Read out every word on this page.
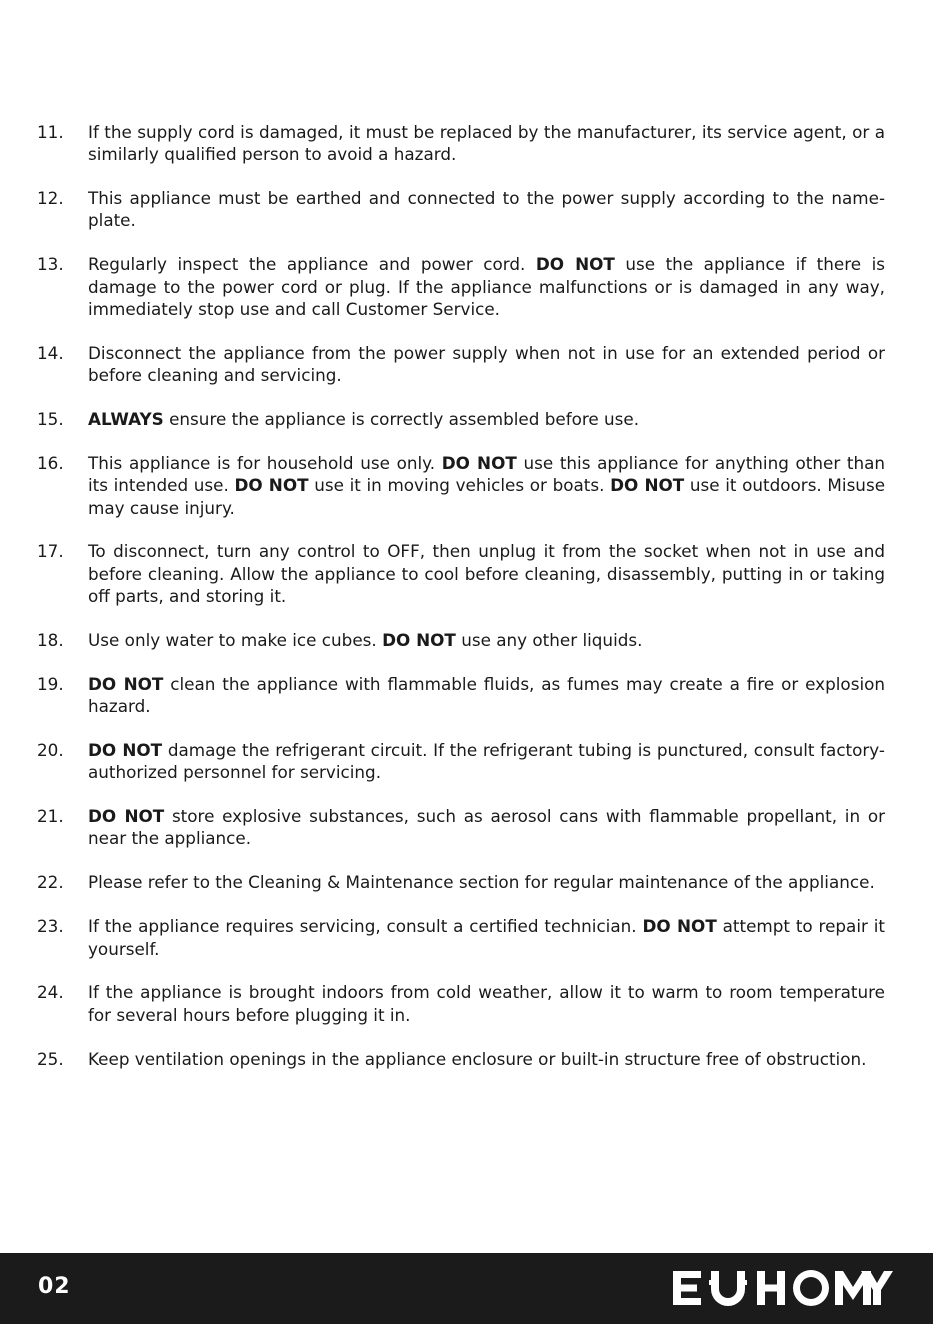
11.	If the supply cord is damaged, it must be replaced by the manufacturer, its service agent, or a similarly qualified person to avoid a hazard.
12.	This appliance must be earthed and connected to the power supply according to the nameplate.
13.	Regularly inspect the appliance and power cord. DO NOT use the appliance if there is damage to the power cord or plug. If the appliance malfunctions or is damaged in any way, immediately stop use and call Customer Service.
14.	Disconnect the appliance from the power supply when not in use for an extended period or before cleaning and servicing.
15.	ALWAYS ensure the appliance is correctly assembled before use.
16.	This appliance is for household use only. DO NOT use this appliance for anything other than its intended use. DO NOT use it in moving vehicles or boats. DO NOT use it outdoors. Misuse may cause injury.
17.	To disconnect, turn any control to OFF, then unplug it from the socket when not in use and before cleaning. Allow the appliance to cool before cleaning, disassembly, putting in or taking off parts, and storing it.
18.	Use only water to make ice cubes. DO NOT use any other liquids.
19.	DO NOT clean the appliance with flammable fluids, as fumes may create a fire or explosion hazard.
20.	DO NOT damage the refrigerant circuit. If the refrigerant tubing is punctured, consult factory-authorized personnel for servicing.
21.	DO NOT store explosive substances, such as aerosol cans with flammable propellant, in or near the appliance.
22.	Please refer to the Cleaning & Maintenance section for regular maintenance of the appliance.
23.	If the appliance requires servicing, consult a certified technician. DO NOT attempt to repair it yourself.
24.	If the appliance is brought indoors from cold weather, allow it to warm to room temperature for several hours before plugging it in.
25.	Keep ventilation openings in the appliance enclosure or built-in structure free of obstruction.
02
